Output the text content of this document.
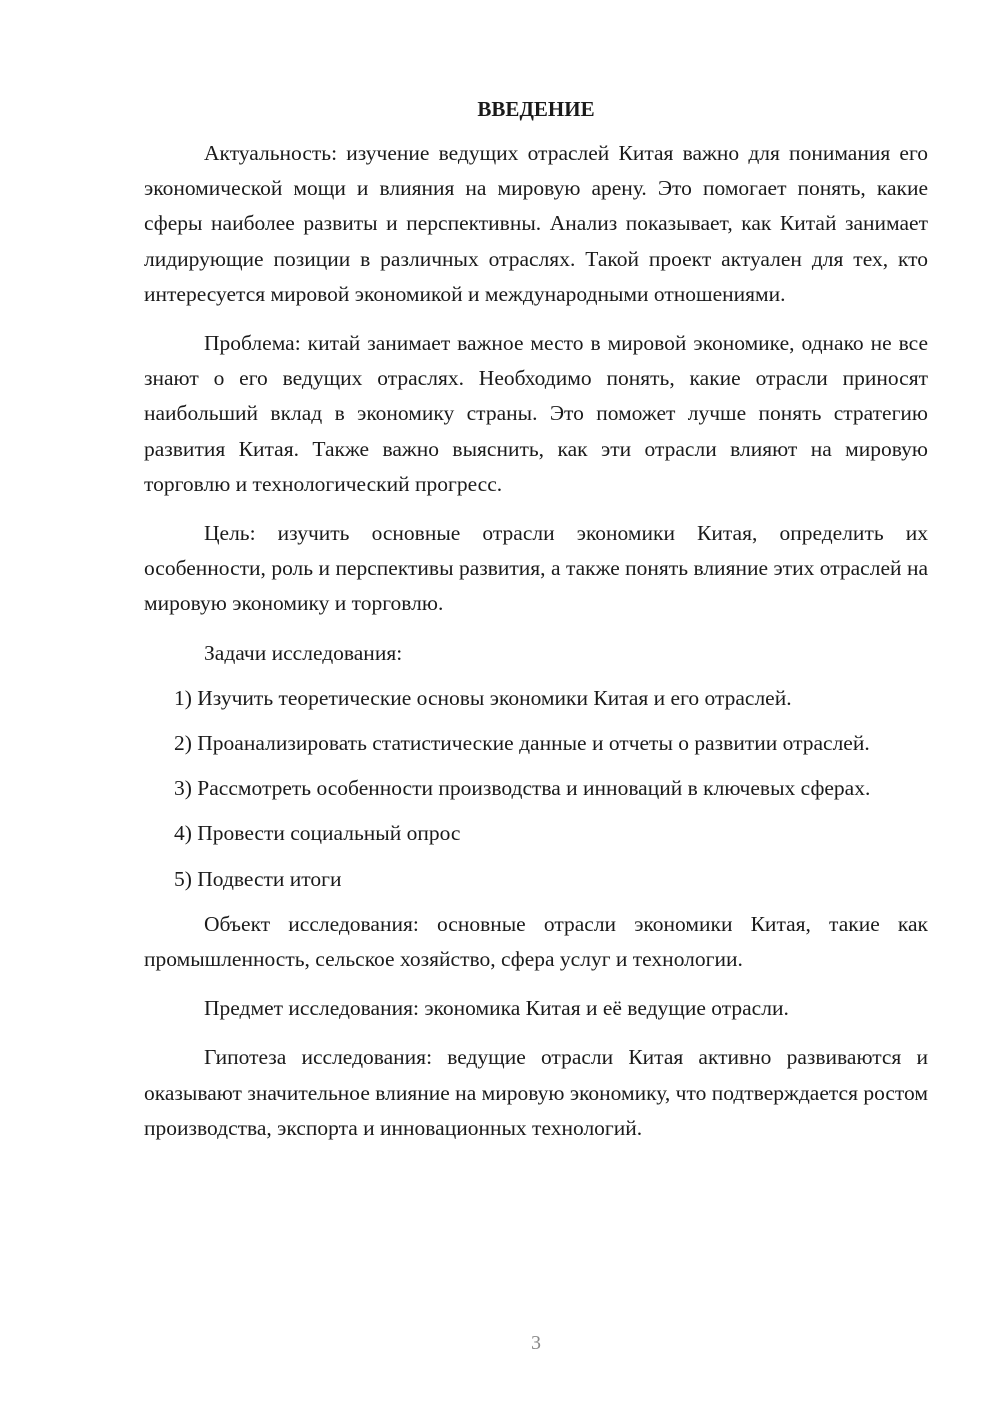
ВВЕДЕНИЕ

Актуальность: изучение ведущих отраслей Китая важно для понимания его экономической мощи и влияния на мировую арену. Это помогает понять, какие сферы наиболее развиты и перспективны. Анализ показывает, как Китай занимает лидирующие позиции в различных отраслях. Такой проект актуален для тех, кто интересуется мировой экономикой и международными отношениями.

Проблема: китай занимает важное место в мировой экономике, однако не все знают о его ведущих отраслях. Необходимо понять, какие отрасли приносят наибольший вклад в экономику страны. Это поможет лучше понять стратегию развития Китая. Также важно выяснить, как эти отрасли влияют на мировую торговлю и технологический прогресс.

Цель: изучить основные отрасли экономики Китая, определить их особенности, роль и перспективы развития, а также понять влияние этих отраслей на мировую экономику и торговлю.

Задачи исследования:

1) Изучить теоретические основы экономики Китая и его отраслей.

2) Проанализировать статистические данные и отчеты о развитии отраслей.

3) Рассмотреть особенности производства и инноваций в ключевых сферах.

4) Провести социальный опрос

5) Подвести итоги

Объект исследования: основные отрасли экономики Китая, такие как промышленность, сельское хозяйство, сфера услуг и технологии.

Предмет исследования: экономика Китая и её ведущие отрасли.

Гипотеза исследования: ведущие отрасли Китая активно развиваются и оказывают значительное влияние на мировую экономику, что подтверждается ростом производства, экспорта и инновационных технологий.

3
